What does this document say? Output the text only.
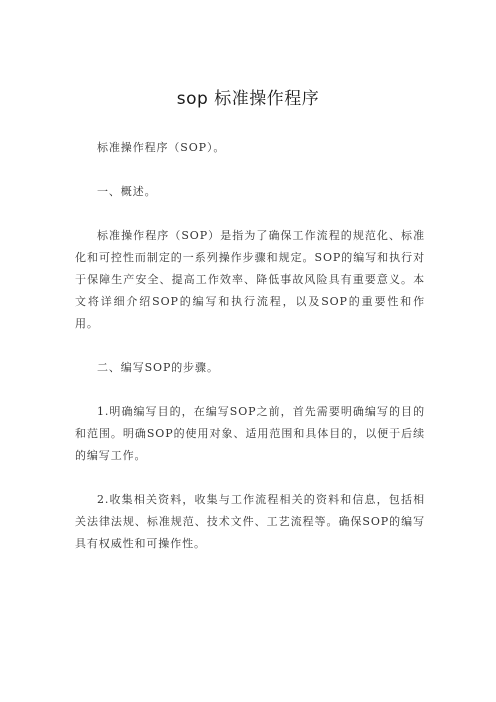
sop 标准操作程序

标准操作程序（SOP）。

一、概述。

标准操作程序（SOP）是指为了确保工作流程的规范化、标准化和可控性而制定的一系列操作步骤和规定。SOP的编写和执行对于保障生产安全、提高工作效率、降低事故风险具有重要意义。本文将详细介绍SOP的编写和执行流程，以及SOP的重要性和作用。

二、编写SOP的步骤。

1.明确编写目的，在编写SOP之前，首先需要明确编写的目的和范围。明确SOP的使用对象、适用范围和具体目的，以便于后续的编写工作。

2.收集相关资料，收集与工作流程相关的资料和信息，包括相关法律法规、标准规范、技术文件、工艺流程等。确保SOP的编写具有权威性和可操作性。
